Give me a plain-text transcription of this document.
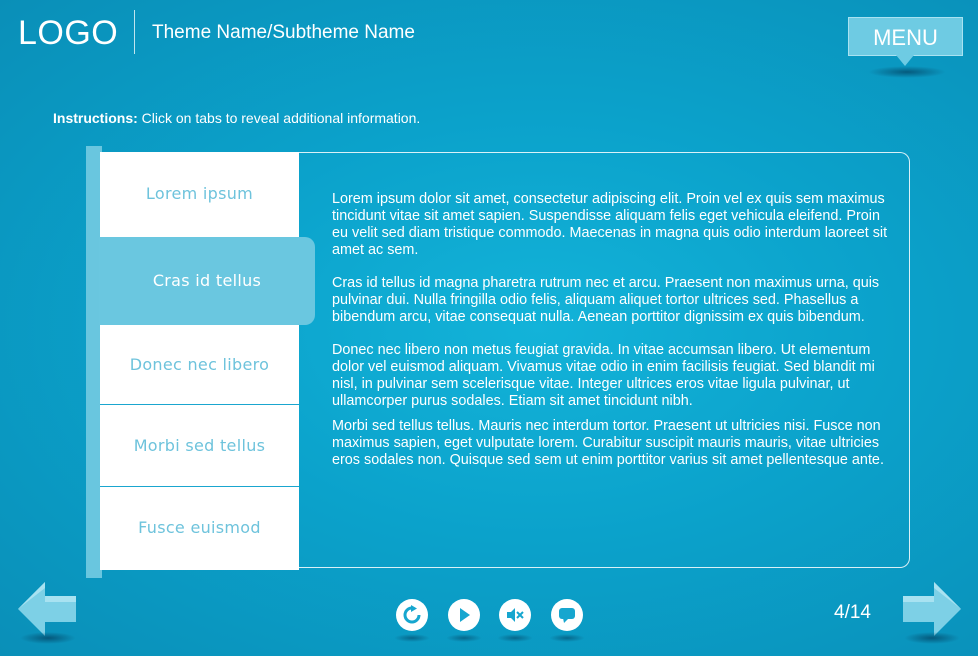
LOGO Theme Name/Subtheme Name	MENU
Instructions: Click on tabs to reveal additional information.
Lorem ipsum
Cras id tellus
Donec nec libero
Morbi sed tellus
Fusce euismod

Lorem ipsum dolor sit amet, consectetur adipiscing elit. Proin vel ex quis sem maximus tincidunt vitae sit amet sapien. Suspendisse aliquam felis eget vehicula eleifend. Proin eu velit sed diam tristique commodo. Maecenas in magna quis odio interdum laoreet sit amet ac sem.

Cras id tellus id magna pharetra rutrum nec et arcu. Praesent non maximus urna, quis pulvinar dui. Nulla fringilla odio felis, aliquam aliquet tortor ultrices sed. Phasellus a bibendum arcu, vitae consequat nulla. Aenean porttitor dignissim ex quis bibendum.

Donec nec libero non metus feugiat gravida. In vitae accumsan libero. Ut elementum dolor vel euismod aliquam. Vivamus vitae odio in enim facilisis feugiat. Sed blandit mi nisl, in pulvinar sem scelerisque vitae. Integer ultrices eros vitae ligula pulvinar, ut ullamcorper purus sodales. Etiam sit amet tincidunt nibh.

Morbi sed tellus tellus. Mauris nec interdum tortor. Praesent ut ultricies nisi. Fusce non maximus sapien, eget vulputate lorem. Curabitur suscipit mauris mauris, vitae ultricies eros sodales non. Quisque sed sem ut enim porttitor varius sit amet pellentesque ante.

4/14
